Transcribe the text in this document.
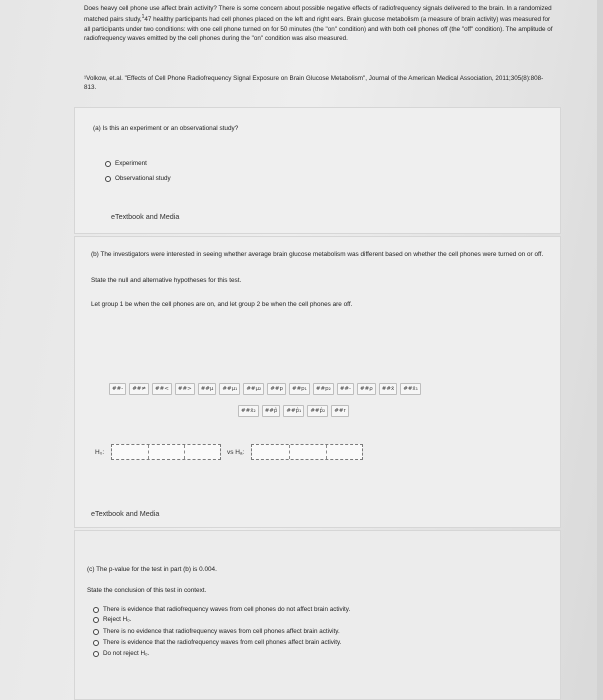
Does heavy cell phone use affect brain activity? There is some concern about possible negative effects of radiofrequency signals delivered to the brain. In a randomized matched pairs study,$^1$47 healthy participants had cell phones placed on the left and right ears. Brain glucose metabolism (a measure of brain activity) was measured for all participants under two conditions: with one cell phone turned on for 50 minutes (the "on" condition) and with both cell phones off (the "off" condition). The amplitude of radiofrequency waves emitted by the cell phones during the "on" condition was also measured.
¹Volkow, et.al. "Effects of Cell Phone Radiofrequency Signal Exposure on Brain Glucose Metabolism", Journal of the American Medical Association, 2011;305(8):808-813.
(a) Is this an experiment or an observational study?
Experiment
Observational study
eTextbook and Media
(b) The investigators were interested in seeing whether average brain glucose metabolism was different based on whether the cell phones were turned on or off.
State the null and alternative hypotheses for this test.
Let group 1 be when the cell phones are on, and let group 2 be when the cell phones are off.
##-	##≠	##<	##>	##μ	##μ₁	##μ₂	##p	##p₁	##p₂	##-	##ρ	##x̄	##x̄₁
##x̄₂	##p̂	##p̂₁	##p̂₂	##r
H₀:	vs Hₐ:
eTextbook and Media
(c) The p-value for the test in part (b) is 0.004.
State the conclusion of this test in context.
There is evidence that radiofrequency waves from cell phones do not affect brain activity.
Reject H₀.
There is no evidence that radiofrequency waves from cell phones affect brain activity.
There is evidence that the radiofrequency waves from cell phones affect brain activity.
Do not reject H₀.
